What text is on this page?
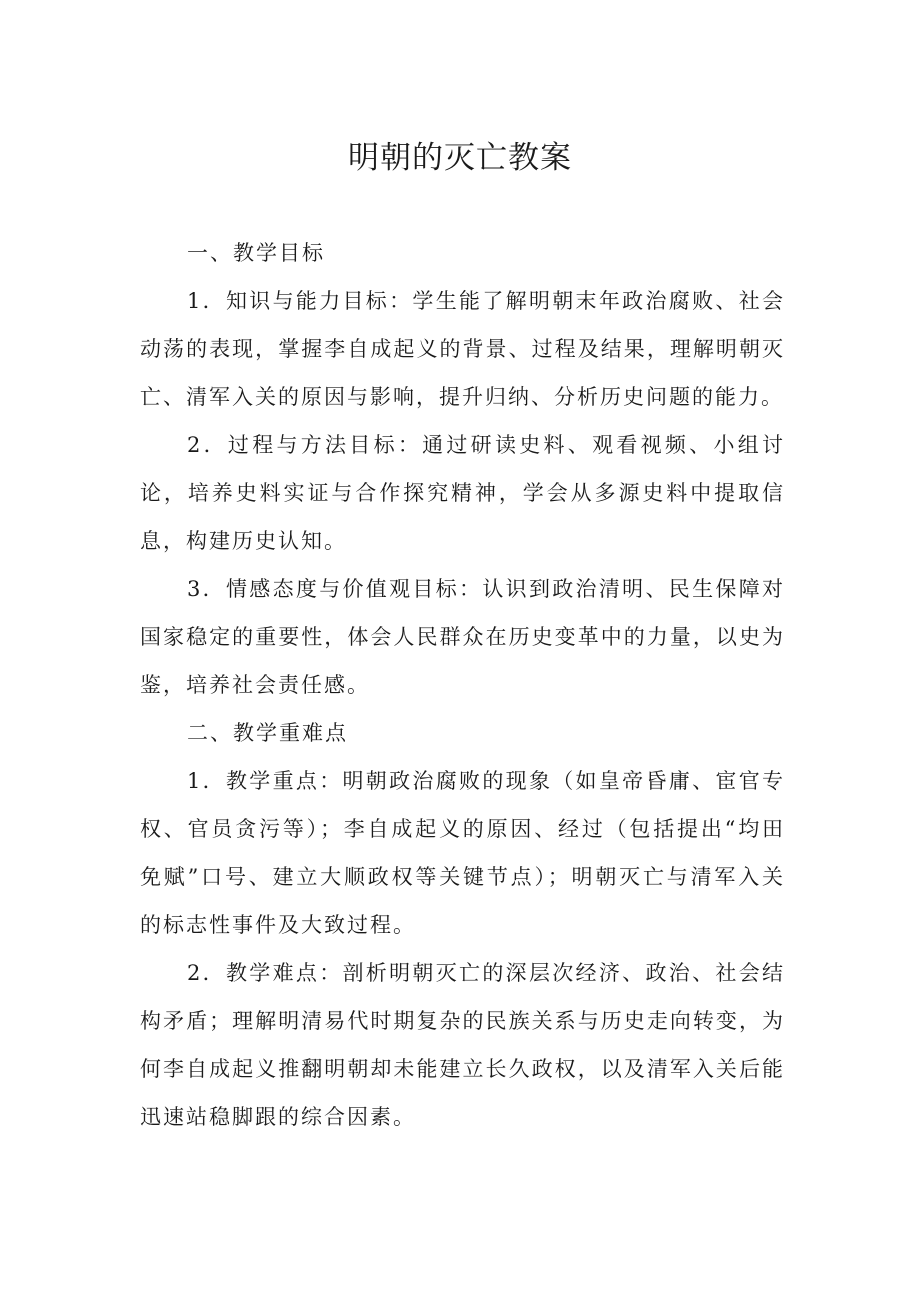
明朝的灭亡教案

一、教学目标

1．知识与能力目标：学生能了解明朝末年政治腐败、社会动荡的表现，掌握李自成起义的背景、过程及结果，理解明朝灭亡、清军入关的原因与影响，提升归纳、分析历史问题的能力。

2．过程与方法目标：通过研读史料、观看视频、小组讨论，培养史料实证与合作探究精神，学会从多源史料中提取信息，构建历史认知。

3．情感态度与价值观目标：认识到政治清明、民生保障对国家稳定的重要性，体会人民群众在历史变革中的力量，以史为鉴，培养社会责任感。

二、教学重难点

1．教学重点：明朝政治腐败的现象（如皇帝昏庸、宦官专权、官员贪污等）；李自成起义的原因、经过（包括提出“均田免赋”口号、建立大顺政权等关键节点）；明朝灭亡与清军入关的标志性事件及大致过程。

2．教学难点：剖析明朝灭亡的深层次经济、政治、社会结构矛盾；理解明清易代时期复杂的民族关系与历史走向转变，为何李自成起义推翻明朝却未能建立长久政权，以及清军入关后能迅速站稳脚跟的综合因素。
